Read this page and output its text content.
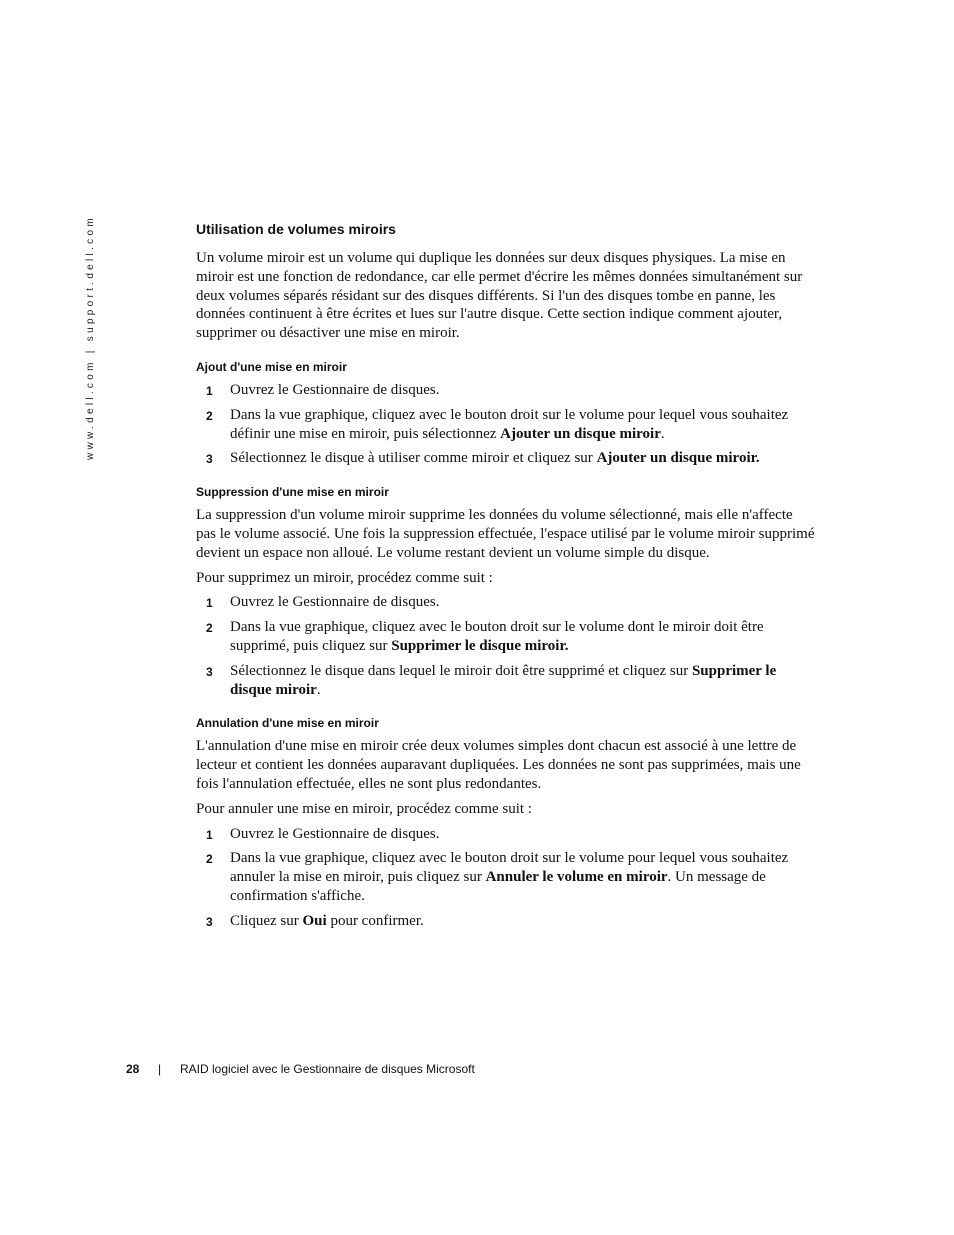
www.dell.com | support.dell.com	Utilisation de volumes miroirs

Un volume miroir est un volume qui duplique les données sur deux disques physiques. La mise en miroir est une fonction de redondance, car elle permet d'écrire les mêmes données simultanément sur deux volumes séparés résidant sur des disques différents. Si l'un des disques tombe en panne, les données continuent à être écrites et lues sur l'autre disque. Cette section indique comment ajouter, supprimer ou désactiver une mise en miroir.

Ajout d'une mise en miroir
1 Ouvrez le Gestionnaire de disques.
2 Dans la vue graphique, cliquez avec le bouton droit sur le volume pour lequel vous souhaitez définir une mise en miroir, puis sélectionnez Ajouter un disque miroir.
3 Sélectionnez le disque à utiliser comme miroir et cliquez sur Ajouter un disque miroir.
Suppression d'une mise en miroir

La suppression d'un volume miroir supprime les données du volume sélectionné, mais elle n'affecte pas le volume associé. Une fois la suppression effectuée, l'espace utilisé par le volume miroir supprimé devient un espace non alloué. Le volume restant devient un volume simple du disque.

Pour supprimez un miroir, procédez comme suit :

1 Ouvrez le Gestionnaire de disques.
2 Dans la vue graphique, cliquez avec le bouton droit sur le volume dont le miroir doit être supprimé, puis cliquez sur Supprimer le disque miroir.
3 Sélectionnez le disque dans lequel le miroir doit être supprimé et cliquez sur Supprimer le disque miroir.
Annulation d'une mise en miroir

L'annulation d'une mise en miroir crée deux volumes simples dont chacun est associé à une lettre de lecteur et contient les données auparavant dupliquées. Les données ne sont pas supprimées, mais une fois l'annulation effectuée, elles ne sont plus redondantes.

Pour annuler une mise en miroir, procédez comme suit :

1 Ouvrez le Gestionnaire de disques.
2 Dans la vue graphique, cliquez avec le bouton droit sur le volume pour lequel vous souhaitez annuler la mise en miroir, puis cliquez sur Annuler le volume en miroir. Un message de confirmation s'affiche.
3 Cliquez sur Oui pour confirmer.
28 | RAID logiciel avec le Gestionnaire de disques Microsoft
